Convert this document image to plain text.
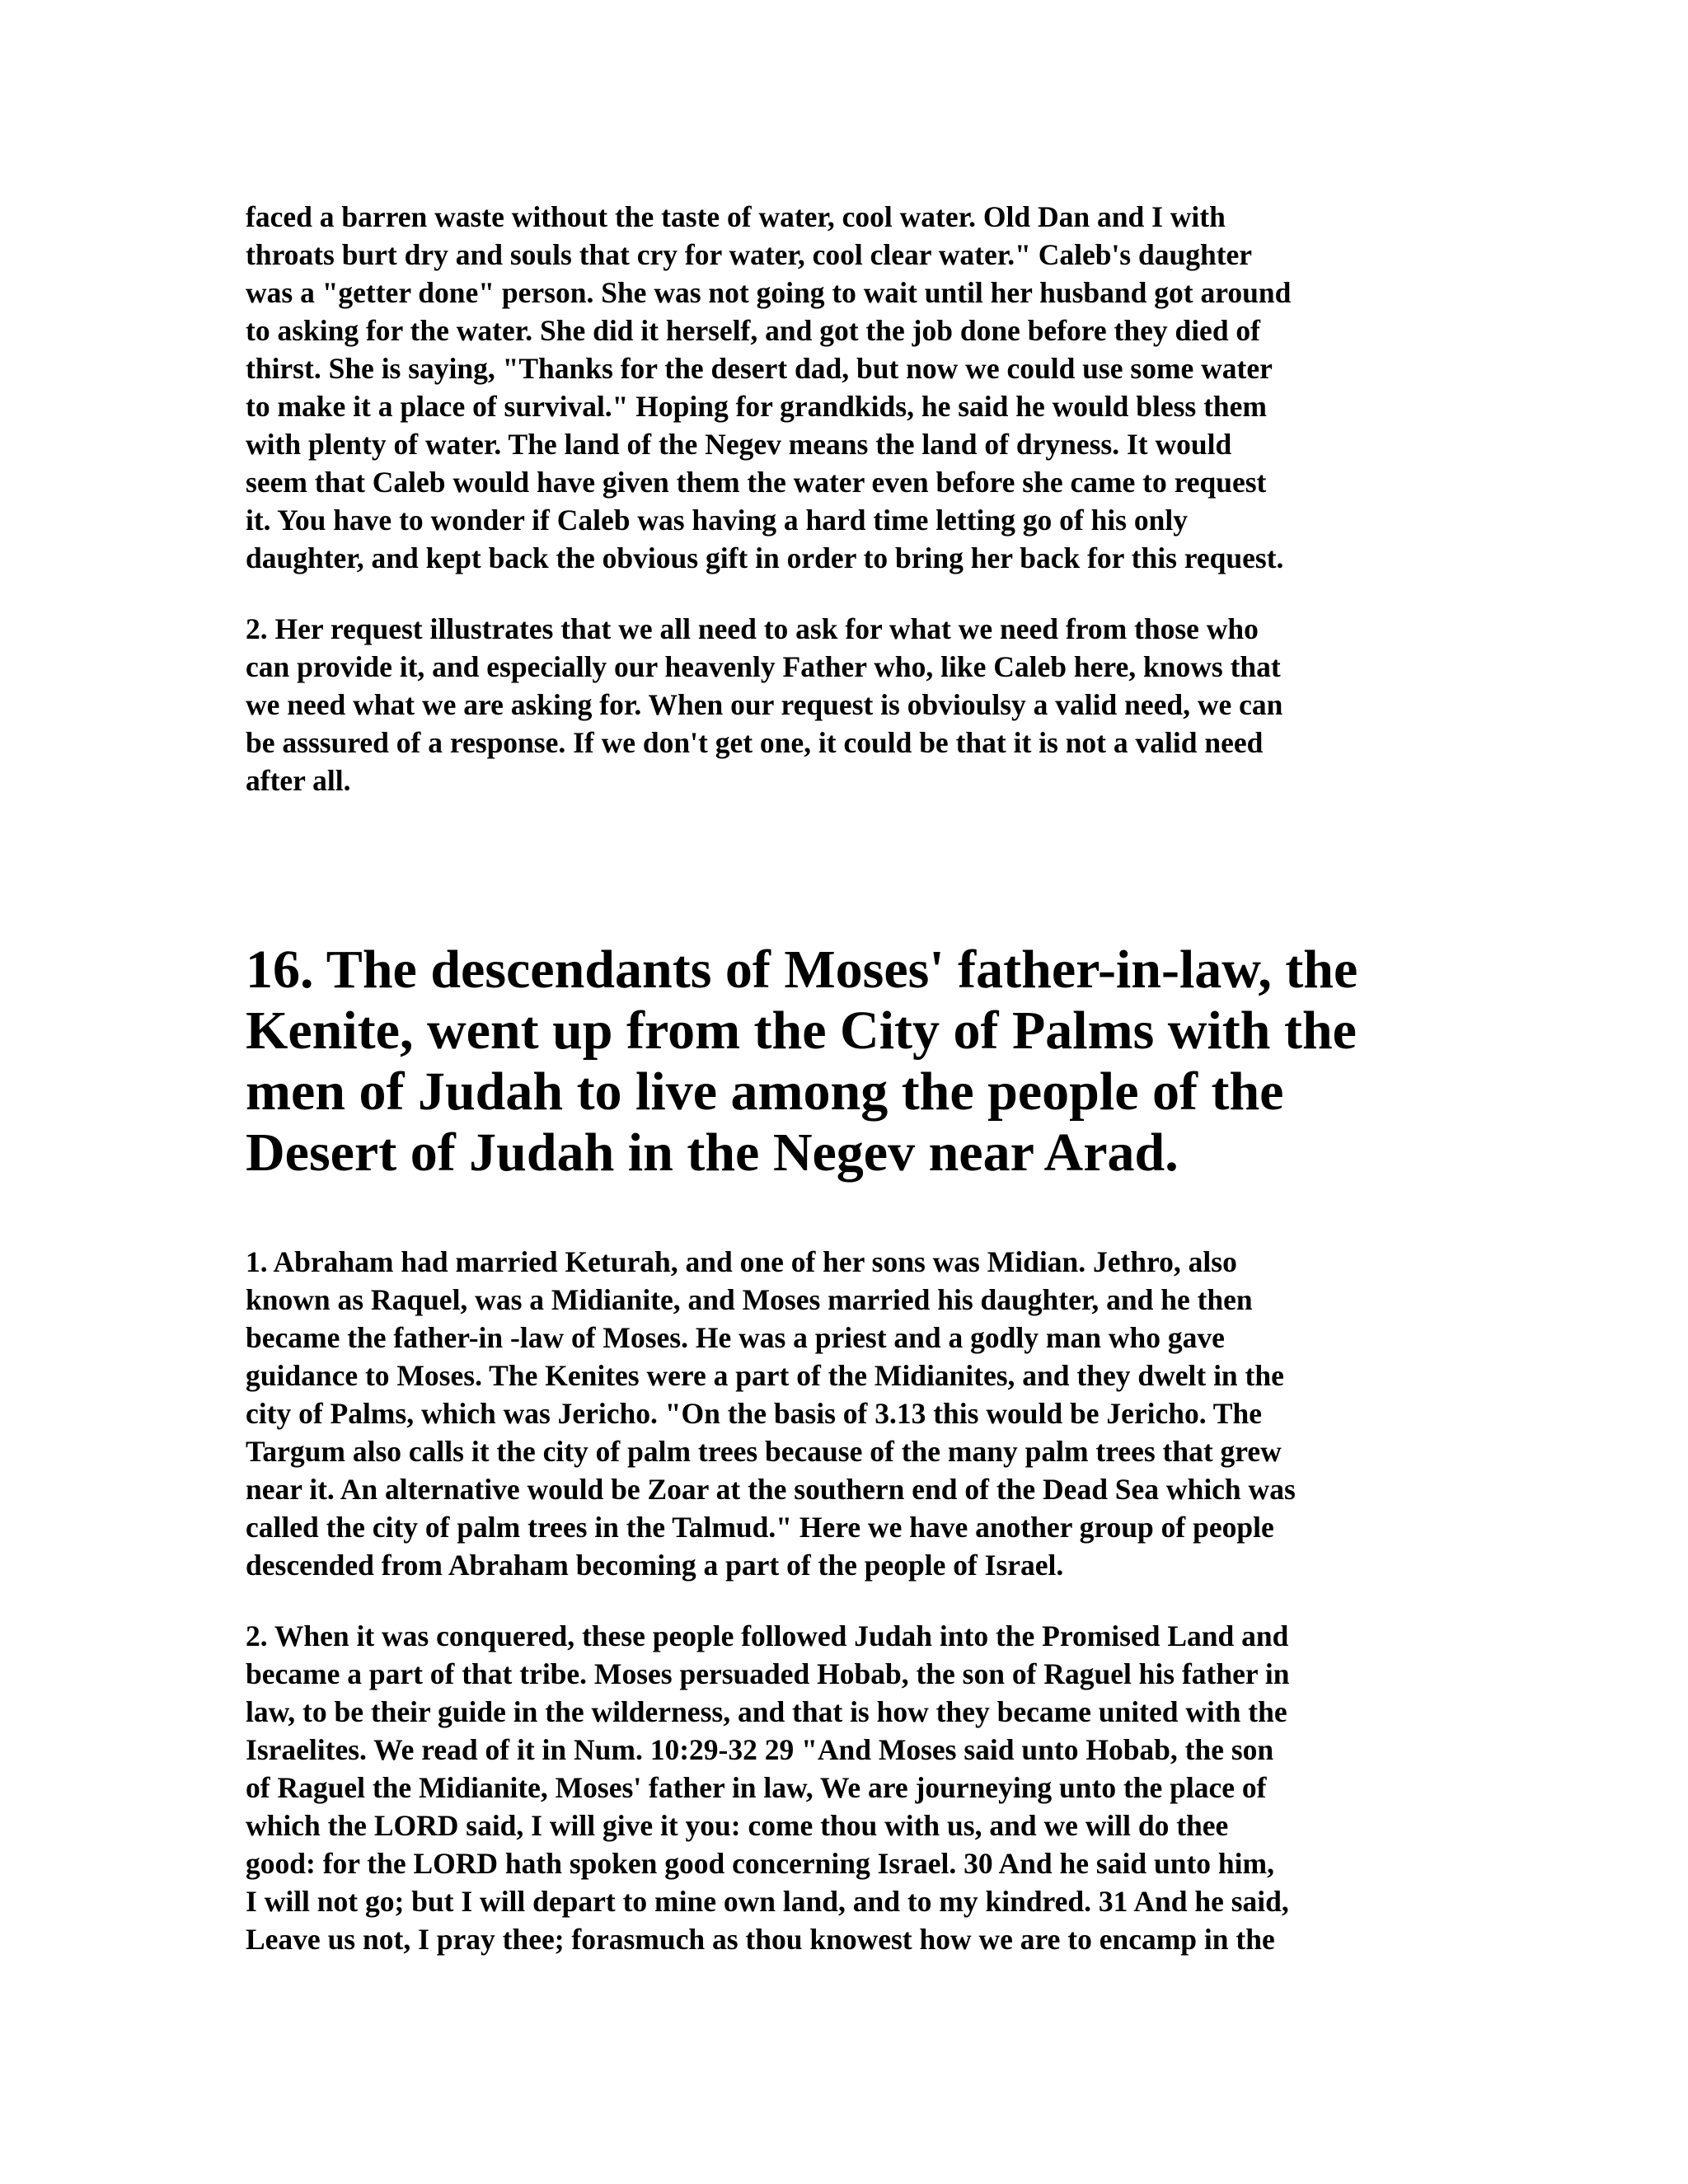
faced a barren waste without the taste of water, cool water. Old Dan and I with
throats burt dry and souls that cry for water, cool clear water." Caleb's daughter
was a "getter done" person. She was not going to wait until her husband got around
to asking for the water. She did it herself, and got the job done before they died of
thirst. She is saying, "Thanks for the desert dad, but now we could use some water
to make it a place of survival." Hoping for grandkids, he said he would bless them
with plenty of water. The land of the Negev means the land of dryness. It would
seem that Caleb would have given them the water even before she came to request
it. You have to wonder if Caleb was having a hard time letting go of his only
daughter, and kept back the obvious gift in order to bring her back for this request.

2. Her request illustrates that we all need to ask for what we need from those who
can provide it, and especially our heavenly Father who, like Caleb here, knows that
we need what we are asking for. When our request is obvioulsy a valid need, we can
be asssured of a response. If we don't get one, it could be that it is not a valid need
after all.

16. The descendants of Moses' father-in-law, the
Kenite, went up from the City of Palms with the
men of Judah to live among the people of the
Desert of Judah in the Negev near Arad.

1. Abraham had married Keturah, and one of her sons was Midian. Jethro, also
known as Raquel, was a Midianite, and Moses married his daughter, and he then
became the father-in -law of Moses. He was a priest and a godly man who gave
guidance to Moses. The Kenites were a part of the Midianites, and they dwelt in the
city of Palms, which was Jericho. "On the basis of 3.13 this would be Jericho. The
Targum also calls it the city of palm trees because of the many palm trees that grew
near it. An alternative would be Zoar at the southern end of the Dead Sea which was
called the city of palm trees in the Talmud." Here we have another group of people
descended from Abraham becoming a part of the people of Israel.

2. When it was conquered, these people followed Judah into the Promised Land and
became a part of that tribe. Moses persuaded Hobab, the son of Raguel his father in
law, to be their guide in the wilderness, and that is how they became united with the
Israelites. We read of it in Num. 10:29-32 29 "And Moses said unto Hobab, the son
of Raguel the Midianite, Moses' father in law, We are journeying unto the place of
which the LORD said, I will give it you: come thou with us, and we will do thee
good: for the LORD hath spoken good concerning Israel. 30 And he said unto him,
I will not go; but I will depart to mine own land, and to my kindred. 31 And he said,
Leave us not, I pray thee; forasmuch as thou knowest how we are to encamp in the
